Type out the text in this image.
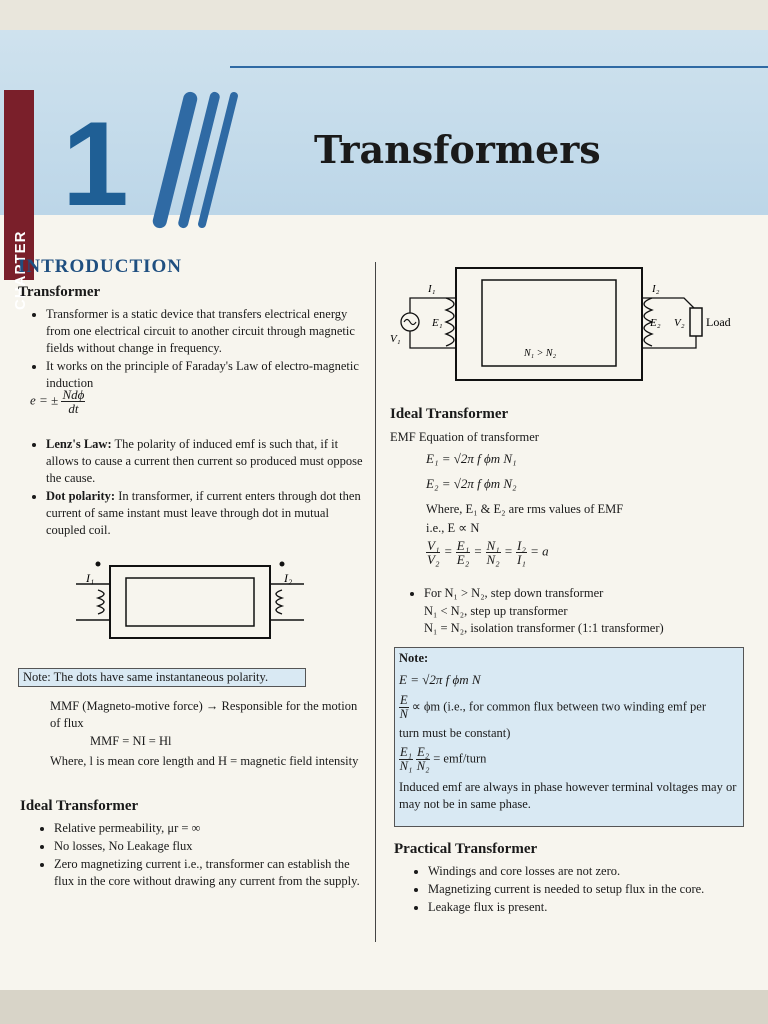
CHAPTER
1	Transformers
INTRODUCTION
Transformer
• Transformer is a static device that transfers electrical energy from one electrical circuit to another circuit through magnetic fields without change in frequency.
• It works on the principle of Faraday's Law of electro-magnetic induction
e = ± $\frac{\text{Ndϕ}}{dt}$
• Lenz's Law: The polarity of induced emf is such that, if it allows to cause a current then current so produced must oppose the cause.
• Dot polarity: In transformer, if current enters through dot then current of same instant must leave through dot in mutual coupled coil.
I₁	I₂
Note: The dots have same instantaneous polarity.
MMF (Magneto-motive force) → Responsible for the motion of flux
MMF = NI = Hl
Where, l is mean core length and H = magnetic field intensity
Ideal Transformer
• Relative permeability, μr = ∞
• No losses, No Leakage flux
• Zero magnetizing current i.e., transformer can establish the flux in the core without drawing any current from the supply.
I₁	I₂
E₁	E₂
V₁
V₂
N₁ > N₂
Load
Ideal Transformer
EMF Equation of transformer
E₁ = √2π f ϕm N₁
E₂ = √2π f ϕm N₂
Where, E₁ & E₂ are rms values of EMF
i.e., E ∝ N
$\frac{\text{V₁}}{\text{V₂}} = \frac{\text{E₁}}{\text{E₂}} = \frac{\text{N₁}}{\text{N₂}} = \frac{\text{I₂}}{\text{I₁}} = a$
• For N₁ > N₂, step down transformer
N₁ < N₂, step up transformer
N₁ = N₂, isolation transformer (1:1 transformer)
Note:
E = √2π f ϕm N
$\frac{E}{N} \propto \phi m$ (i.e., for common flux between two winding emf per
turn must be constant)
$\frac{\text{E₁}}{\text{N₁}}$
$\frac{\text{E₂}}{\text{N₂}}$ = emf/turn
Induced emf are always in phase however terminal voltages may or may not be in same phase.
Practical Transformer
• Windings and core losses are not zero.
• Magnetizing current is needed to setup flux in the core.
• Leakage flux is present.
